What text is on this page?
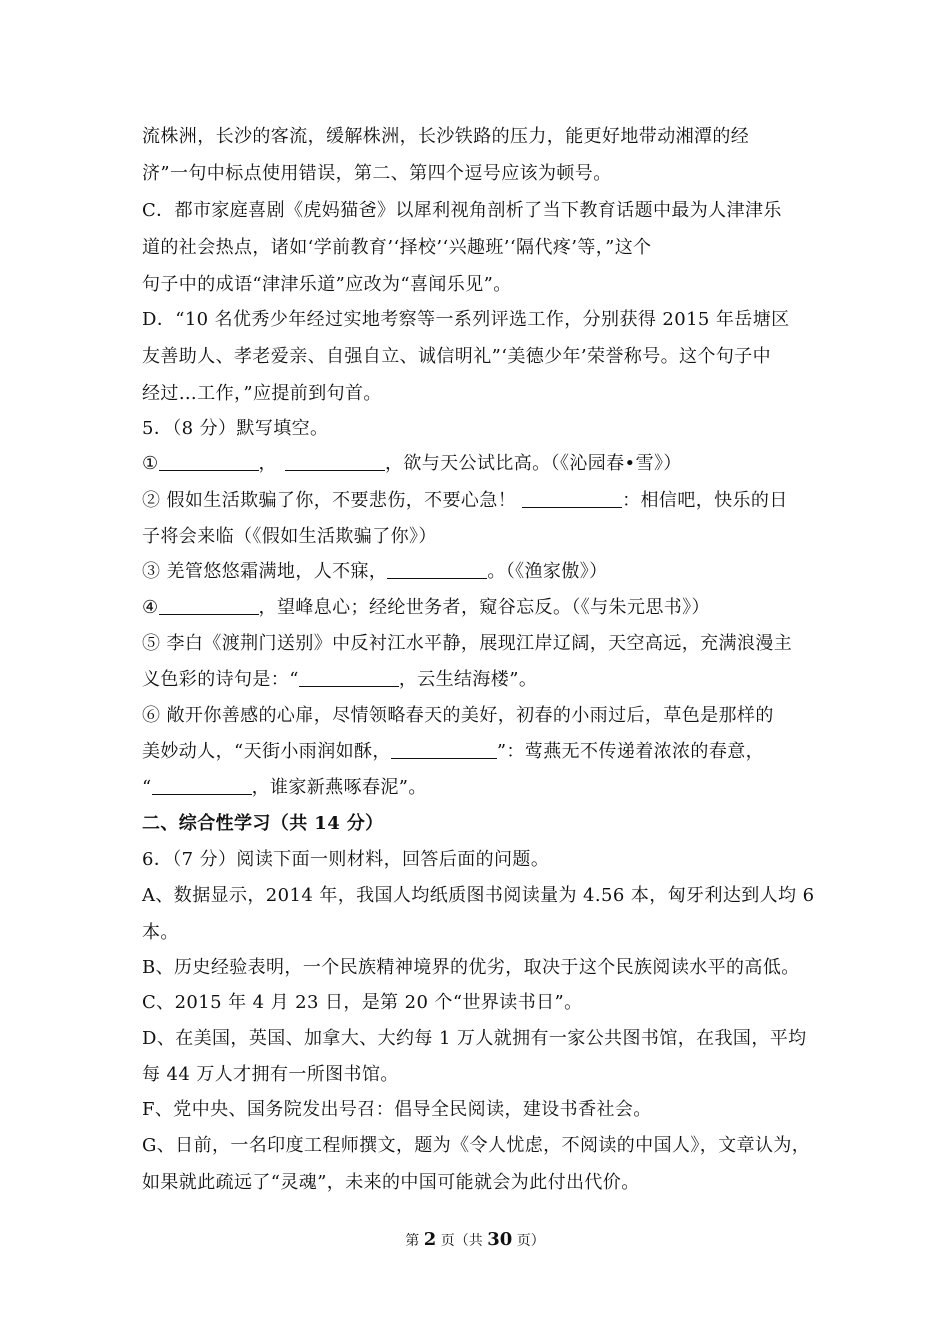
流株洲，长沙的客流，缓解株洲，长沙铁路的压力，能更好地带动湘潭的经
济”一句中标点使用错误，第二、第四个逗号应该为顿号。
C．都市家庭喜剧《虎妈猫爸》以犀利视角剖析了当下教育话题中最为人津津乐
道的社会热点，诸如‘学前教育’‘择校’‘兴趣班’‘隔代疼’等，”这个
句子中的成语“津津乐道”应改为“喜闻乐见”。
D．“10 名优秀少年经过实地考察等一系列评选工作，分别获得 2015 年岳塘区
友善助人、孝老爱亲、自强自立、诚信明礼”‘美德少年’荣誉称号。这个句子中
经过…工作，”应提前到句首。
5．（8 分）默写填空。
①	，	，欲与天公试比高。（《沁园春•雪》）
② 假如生活欺骗了你，不要悲伤，不要心急！	：相信吧，快乐的日
子将会来临（《假如生活欺骗了你》）
③ 羌管悠悠霜满地，人不寐，	。（《渔家傲》）
④	，望峰息心；经纶世务者，窥谷忘反。（《与朱元思书》）
⑤ 李白《渡荆门送别》中反衬江水平静，展现江岸辽阔，天空高远，充满浪漫主
义色彩的诗句是：“	，云生结海楼”。
⑥ 敞开你善感的心扉，尽情领略春天的美好，初春的小雨过后，草色是那样的
美妙动人，“天街小雨润如酥，	”：莺燕无不传递着浓浓的春意，
“	，谁家新燕啄春泥”。
二、综合性学习（共 14 分）
6．（7 分）阅读下面一则材料，回答后面的问题。
A、数据显示，2014 年，我国人均纸质图书阅读量为 4.56 本，匈牙利达到人均 6
本。
B、历史经验表明，一个民族精神境界的优劣，取决于这个民族阅读水平的高低。
C、2015 年 4 月 23 日，是第 20 个“世界读书日”。
D、在美国，英国、加拿大、大约每 1 万人就拥有一家公共图书馆，在我国，平均
每 44 万人才拥有一所图书馆。
F、党中央、国务院发出号召：倡导全民阅读，建设书香社会。
G、日前，一名印度工程师撰文，题为《令人忧虑，不阅读的中国人》，文章认为，
如果就此疏远了“灵魂”，未来的中国可能就会为此付出代价。
第 2 页（共 30 页）
